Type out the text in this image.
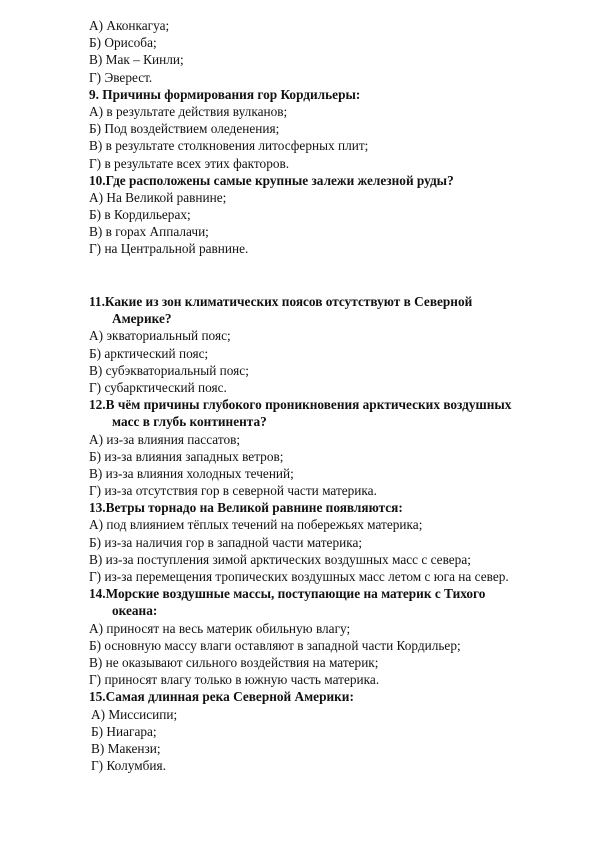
А) Аконкагуа;
Б) Орисоба;
В) Мак – Кинли;
Г) Эверест.
9. Причины формирования гор Кордильеры:
А) в результате действия вулканов;
Б) Под воздействием оледенения;
В) в результате столкновения литосферных плит;
Г) в результате всех этих факторов.
10.Где расположены самые крупные залежи железной руды?
А) На Великой равнине;
Б) в Кордильерах;
В) в горах Аппалачи;
Г) на Центральной равнине.
11.Какие из зон климатических поясов отсутствуют в Северной
Америке?
А) экваториальный пояс;
Б) арктический пояс;
В) субэкваториальный пояс;
Г) субарктический пояс.
12.В чём причины глубокого проникновения арктических воздушных
масс в глубь континента?
А) из-за влияния пассатов;
Б) из-за влияния западных ветров;
В) из-за влияния холодных течений;
Г) из-за отсутствия гор в северной части материка.
13.Ветры торнадо на Великой равнине появляются:
А) под влиянием тёплых течений на побережьях материка;
Б) из-за наличия гор в западной части материка;
В) из-за поступления зимой арктических воздушных масс с севера;
Г) из-за перемещения тропических воздушных масс летом с юга на север.
14.Морские воздушные массы, поступающие на материк с Тихого
океана:
А) приносят на весь материк обильную влагу;
Б) основную массу влаги оставляют в западной части Кордильер;
В) не оказывают сильного воздействия на материк;
Г) приносят влагу только в южную часть материка.
15.Самая длинная река Северной Америки:
А) Миссисипи;
Б) Ниагара;
В) Макензи;
Г) Колумбия.
